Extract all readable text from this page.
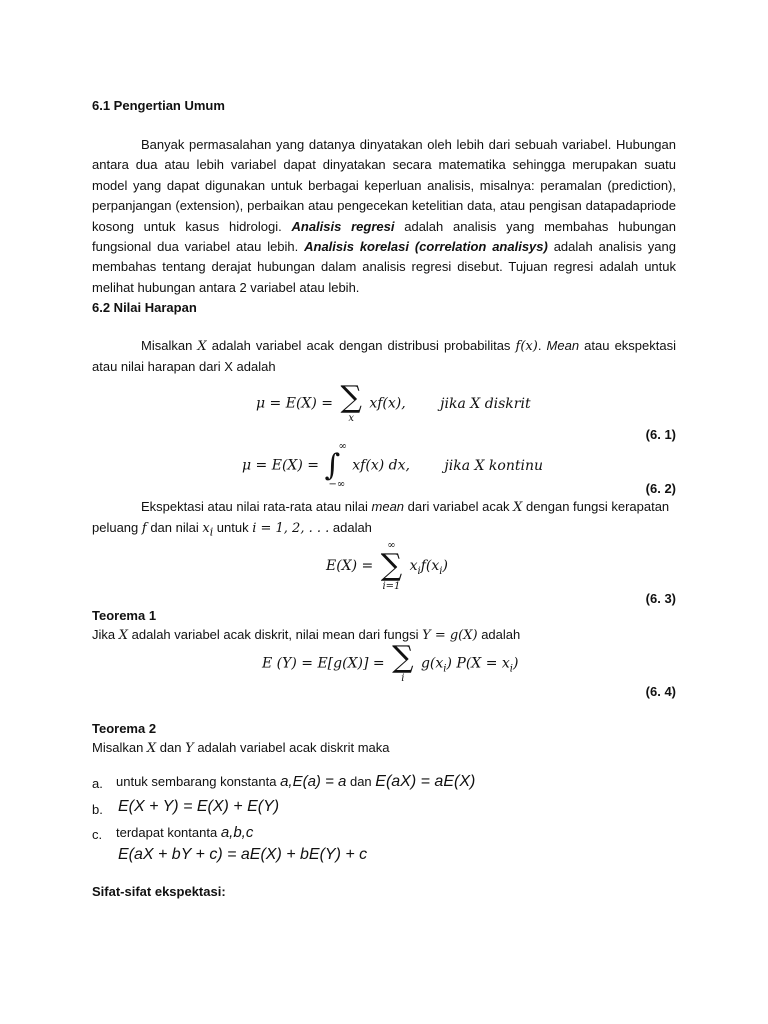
6.1 Pengertian Umum

Banyak permasalahan yang datanya dinyatakan oleh lebih dari sebuah variabel. Hubungan antara dua atau lebih variabel dapat dinyatakan secara matematika sehingga merupakan suatu model yang dapat digunakan untuk berbagai keperluan analisis, misalnya: peramalan (prediction), perpanjangan (extension), perbaikan atau pengecekan ketelitian data, atau pengisan datapadapriode kosong untuk kasus hidrologi. Analisis regresi adalah analisis yang membahas hubungan fungsional dua variabel atau lebih. Analisis korelasi (correlation analisys) adalah analisis yang membahas tentang derajat hubungan dalam analisis regresi disebut. Tujuan regresi adalah untuk melihat hubungan antara 2 variabel atau lebih.

6.2 Nilai Harapan

Misalkan X adalah variabel acak dengan distribusi probabilitas f(x). Mean atau ekspektasi atau nilai harapan dari X adalah

μ = E(X) = ∑
x
xf(x), jika X diskrit
(6. 1)
μ = E(X) =
∞
∫
−∞
xf(x) dx, jika X kontinu
(6. 2)
Ekspektasi atau nilai rata-rata atau nilai mean dari variabel acak X dengan fungsi kerapatan
peluang f dan nilai $x_i$ untuk i = 1, 2, . . . adalah
E(X) =
∞
∑
i=1
$x_if(x_i)$
(6. 3)
Teorema 1
Jika X adalah variabel acak diskrit, nilai mean dari fungsi Y = g(X) adalah
E (Y) = E[g(X)] = ∑
i
$g(x_i) P(X = x_i)$
(6. 4)
Teorema 2
Misalkan X dan Y adalah variabel acak diskrit maka
a. untuk sembarang konstanta a,E(a) = a dan E(aX) = aE(X)
b. E(X + Y) = E(X) + E(Y)
c. terdapat kontanta a,b,c
E(aX + bY + c) = aE(X) + bE(Y) + c
Sifat-sifat ekspektasi:
